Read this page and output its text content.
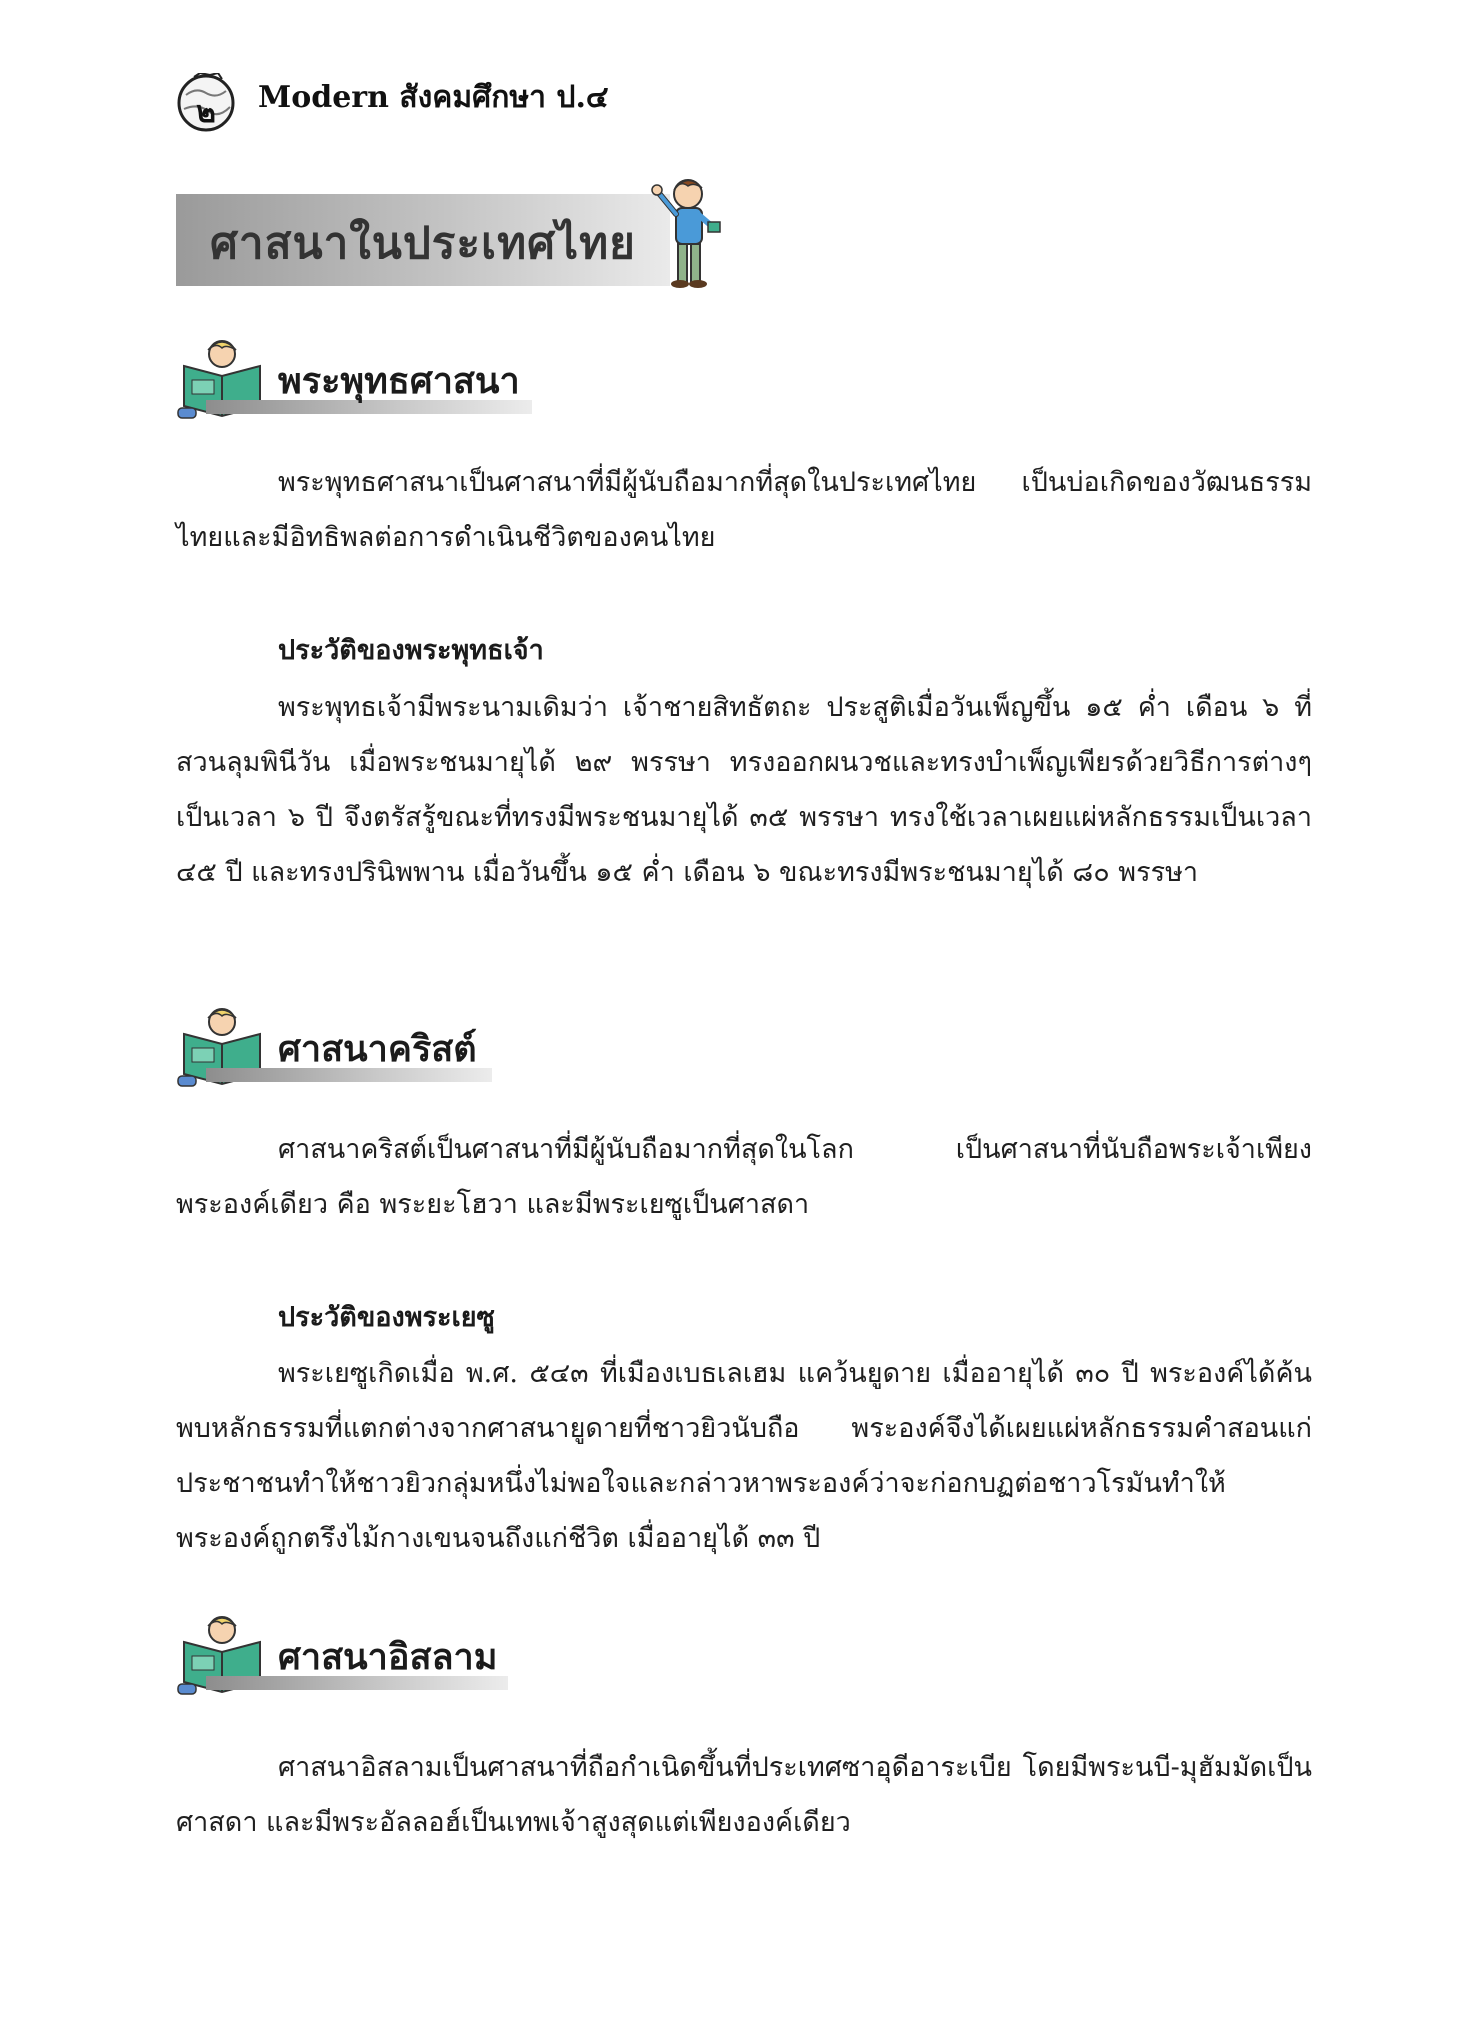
๒	Modern สังคมศึกษา ป.๔
ศาสนาในประเทศไทย
พระพุทธศาสนา
พระพุทธศาสนาเป็นศาสนาที่มีผู้นับถือมากที่สุดในประเทศไทย เป็นบ่อเกิดของวัฒนธรรมไทยและมีอิทธิพลต่อการดำเนินชีวิตของคนไทย
ประวัติของพระพุทธเจ้า
พระพุทธเจ้ามีพระนามเดิมว่า เจ้าชายสิทธัตถะ ประสูติเมื่อวันเพ็ญขึ้น ๑๕ ค่ำ เดือน ๖ ที่สวนลุมพินีวัน เมื่อพระชนมายุได้ ๒๙ พรรษา ทรงออกผนวชและทรงบำเพ็ญเพียรด้วยวิธีการต่างๆ เป็นเวลา ๖ ปี จึงตรัสรู้ขณะที่ทรงมีพระชนมายุได้ ๓๕ พรรษา ทรงใช้เวลาเผยแผ่หลักธรรมเป็นเวลา ๔๕ ปี และทรงปรินิพพาน เมื่อวันขึ้น ๑๕ ค่ำ เดือน ๖ ขณะทรงมีพระชนมายุได้ ๘๐ พรรษา
ศาสนาคริสต์
ศาสนาคริสต์เป็นศาสนาที่มีผู้นับถือมากที่สุดในโลก เป็นศาสนาที่นับถือพระเจ้าเพียงพระองค์เดียว คือ พระยะโฮวา และมีพระเยซูเป็นศาสดา
ประวัติของพระเยซู
พระเยซูเกิดเมื่อ พ.ศ. ๕๔๓ ที่เมืองเบธเลเฮม แคว้นยูดาย เมื่ออายุได้ ๓๐ ปี พระองค์ได้ค้นพบหลักธรรมที่แตกต่างจากศาสนายูดายที่ชาวยิวนับถือ พระองค์จึงได้เผยแผ่หลักธรรมคำสอนแก่ประชาชนทำให้ชาวยิวกลุ่มหนึ่งไม่พอใจและกล่าวหาพระองค์ว่าจะก่อกบฏต่อชาวโรมันทำให้พระองค์ถูกตรึงไม้กางเขนจนถึงแก่ชีวิต เมื่ออายุได้ ๓๓ ปี
ศาสนาอิสลาม
ศาสนาอิสลามเป็นศาสนาที่ถือกำเนิดขึ้นที่ประเทศซาอุดีอาระเบีย โดยมีพระนบี-มุฮัมมัดเป็นศาสดา และมีพระอัลลอฮ์เป็นเทพเจ้าสูงสุดแต่เพียงองค์เดียว
